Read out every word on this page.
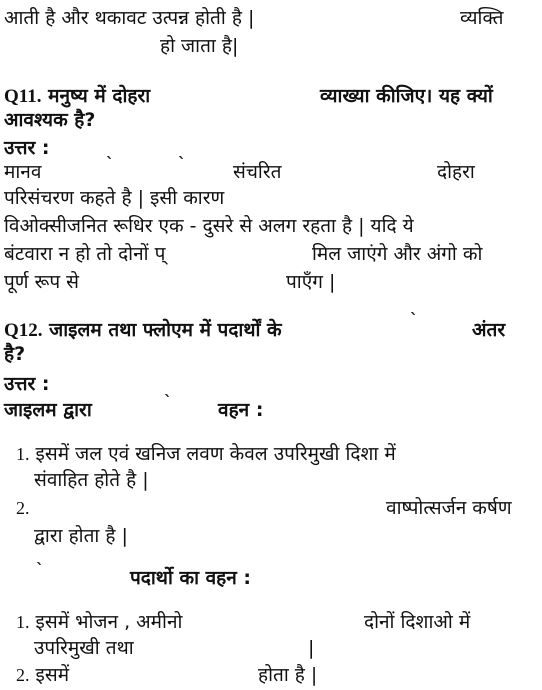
आती है और थकावट उत्पन्न होती है |	व्यक्ति
हो जाता है|
Q11. मनुष्य में दोहरा	व्याख्या कीजिए। यह क्यों
आवश्यक है?
उत्तर :
मानव	`	` संचरित	दोहरा
परिसंचरण कहते है | इसी कारण
विओक्सीजनित रूधिर एक - दुसरे से अलग रहता है | यदि ये
बंटवारा न हो तो दोनों प्	मिल जाएंगे और अंगो को
पूर्ण रूप से	पाएँग |
Q12. जाइलम तथा फ्लोएम में पदार्थों के	`	अंतर
है?
उत्तर :
जाइलम द्वारा	` वहन :
1. इसमें जल एवं खनिज लवण केवल उपरिमुखी दिशा में
संवाहित होते है |
2.	वाष्पोत्सर्जन कर्षण
द्वारा होता है |
`	पदार्थो का वहन :
1. इसमें भोजन , अमीनो	दोनों दिशाओ में
उपरिमुखी तथा	|
2. इसमें	होता है |
